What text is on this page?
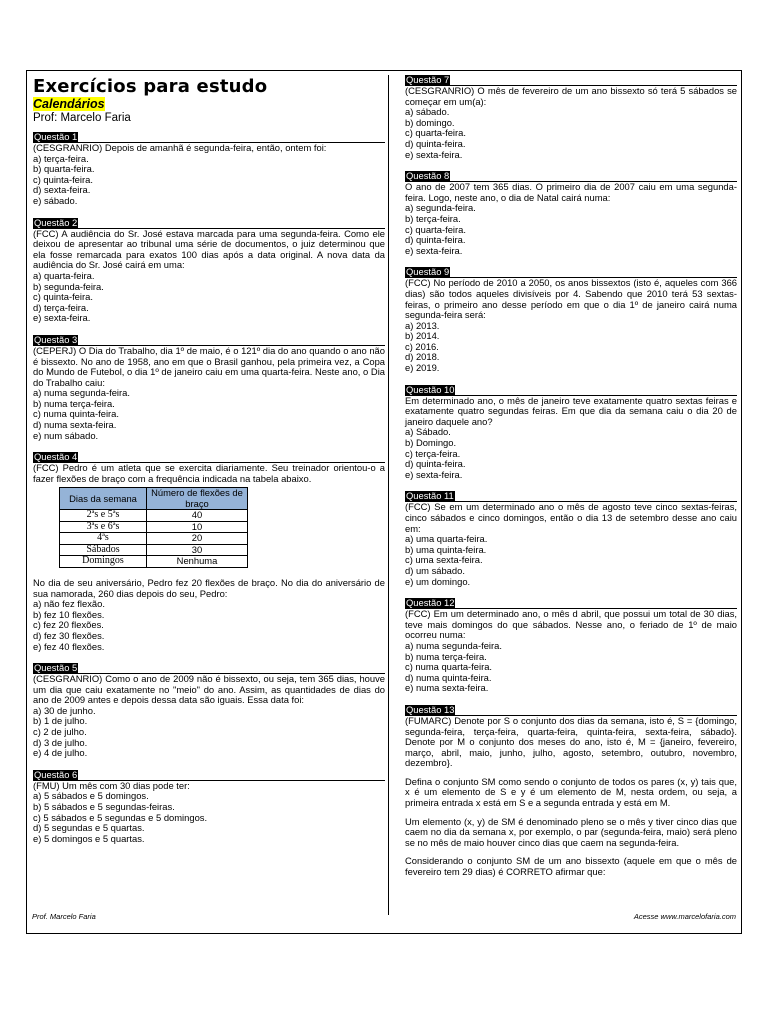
Exercícios para estudo
Calendários
Prof: Marcelo Faria
Questão 1
(CESGRANRIO) Depois de amanhã é segunda-feira, então, ontem foi:
a) terça-feira.
b) quarta-feira.
c) quinta-feira.
d) sexta-feira.
e) sábado.
Questão 2
(FCC) A audiência do Sr. José estava marcada para uma segunda-feira. Como ele deixou de apresentar ao tribunal uma série de documentos, o juiz determinou que ela fosse remarcada para exatos 100 dias após a data original. A nova data da audiência do Sr. José cairá em uma:
a) quarta-feira.
b) segunda-feira.
c) quinta-feira.
d) terça-feira.
e) sexta-feira.
Questão 3
(CEPERJ) O Dia do Trabalho, dia 1º de maio, é o 121º dia do ano quando o ano não é bissexto. No ano de 1958, ano em que o Brasil ganhou, pela primeira vez, a Copa do Mundo de Futebol, o dia 1º de janeiro caiu em uma quarta-feira. Neste ano, o Dia do Trabalho caiu:
a) numa segunda-feira.
b) numa terça-feira.
c) numa quinta-feira.
d) numa sexta-feira.
e) num sábado.
Questão 4
(FCC) Pedro é um atleta que se exercita diariamente. Seu treinador orientou-o a fazer flexões de braço com a frequência indicada na tabela abaixo.
Dias da semana	Número de flexões de braço
2ªs e 5ªs	40
3ªs e 6ªs	10
4ªs	20
Sábados	30
Domingos	Nenhuma
No dia de seu aniversário, Pedro fez 20 flexões de braço. No dia do aniversário de sua namorada, 260 dias depois do seu, Pedro:
a) não fez flexão.
b) fez 10 flexões.
c) fez 20 flexões.
d) fez 30 flexões.
e) fez 40 flexões.
Questão 5
(CESGRANRIO) Como o ano de 2009 não é bissexto, ou seja, tem 365 dias, houve um dia que caiu exatamente no "meio" do ano. Assim, as quantidades de dias do ano de 2009 antes e depois dessa data são iguais. Essa data foi:
a) 30 de junho.
b) 1 de julho.
c) 2 de julho.
d) 3 de julho.
e) 4 de julho.
Questão 6
(FMU) Um mês com 30 dias pode ter:
a) 5 sábados e 5 domingos.
b) 5 sábados e 5 segundas-feiras.
c) 5 sábados e 5 segundas e 5 domingos.
d) 5 segundas e 5 quartas.
e) 5 domingos e 5 quartas.
Questão 7
(CESGRANRIO) O mês de fevereiro de um ano bissexto só terá 5 sábados se começar em um(a):
a) sábado.
b) domingo.
c) quarta-feira.
d) quinta-feira.
e) sexta-feira.
Questão 8
O ano de 2007 tem 365 dias. O primeiro dia de 2007 caiu em uma segunda-feira. Logo, neste ano, o dia de Natal cairá numa:
a) segunda-feira.
b) terça-feira.
c) quarta-feira.
d) quinta-feira.
e) sexta-feira.
Questão 9
(FCC) No período de 2010 a 2050, os anos bissextos (isto é, aqueles com 366 dias) são todos aqueles divisíveis por 4. Sabendo que 2010 terá 53 sextas-feiras, o primeiro ano desse período em que o dia 1º de janeiro cairá numa segunda-feira será:
a) 2013.
b) 2014.
c) 2016.
d) 2018.
e) 2019.
Questão 10
Em determinado ano, o mês de janeiro teve exatamente quatro sextas feiras e exatamente quatro segundas feiras. Em que dia da semana caiu o dia 20 de janeiro daquele ano?
a) Sábado.
b) Domingo.
c) terça-feira.
d) quinta-feira.
e) sexta-feira.
Questão 11
(FCC) Se em um determinado ano o mês de agosto teve cinco sextas-feiras, cinco sábados e cinco domingos, então o dia 13 de setembro desse ano caiu em:
a) uma quarta-feira.
b) uma quinta-feira.
c) uma sexta-feira.
d) um sábado.
e) um domingo.
Questão 12
(FCC) Em um determinado ano, o mês d abril, que possui um total de 30 dias, teve mais domingos do que sábados. Nesse ano, o feriado de 1º de maio ocorreu numa:
a) numa segunda-feira.
b) numa terça-feira.
c) numa quarta-feira.
d) numa quinta-feira.
e) numa sexta-feira.
Questão 13
(FUMARC) Denote por S o conjunto dos dias da semana, isto é, S = {domingo, segunda-feira, terça-feira, quarta-feira, quinta-feira, sexta-feira, sábado}. Denote por M o conjunto dos meses do ano, isto é, M = {janeiro, fevereiro, março, abril, maio, junho, julho, agosto, setembro, outubro, novembro, dezembro}.
Defina o conjunto SM como sendo o conjunto de todos os pares (x, y) tais que, x é um elemento de S e y é um elemento de M, nesta ordem, ou seja, a primeira entrada x está em S e a segunda entrada y está em M.
Um elemento (x, y) de SM é denominado pleno se o mês y tiver cinco dias que caem no dia da semana x, por exemplo, o par (segunda-feira, maio) será pleno se no mês de maio houver cinco dias que caem na segunda-feira.
Considerando o conjunto SM de um ano bissexto (aquele em que o mês de fevereiro tem 29 dias) é CORRETO afirmar que:
Prof. Marcelo Faria	Acesse www.marcelofaria.com
